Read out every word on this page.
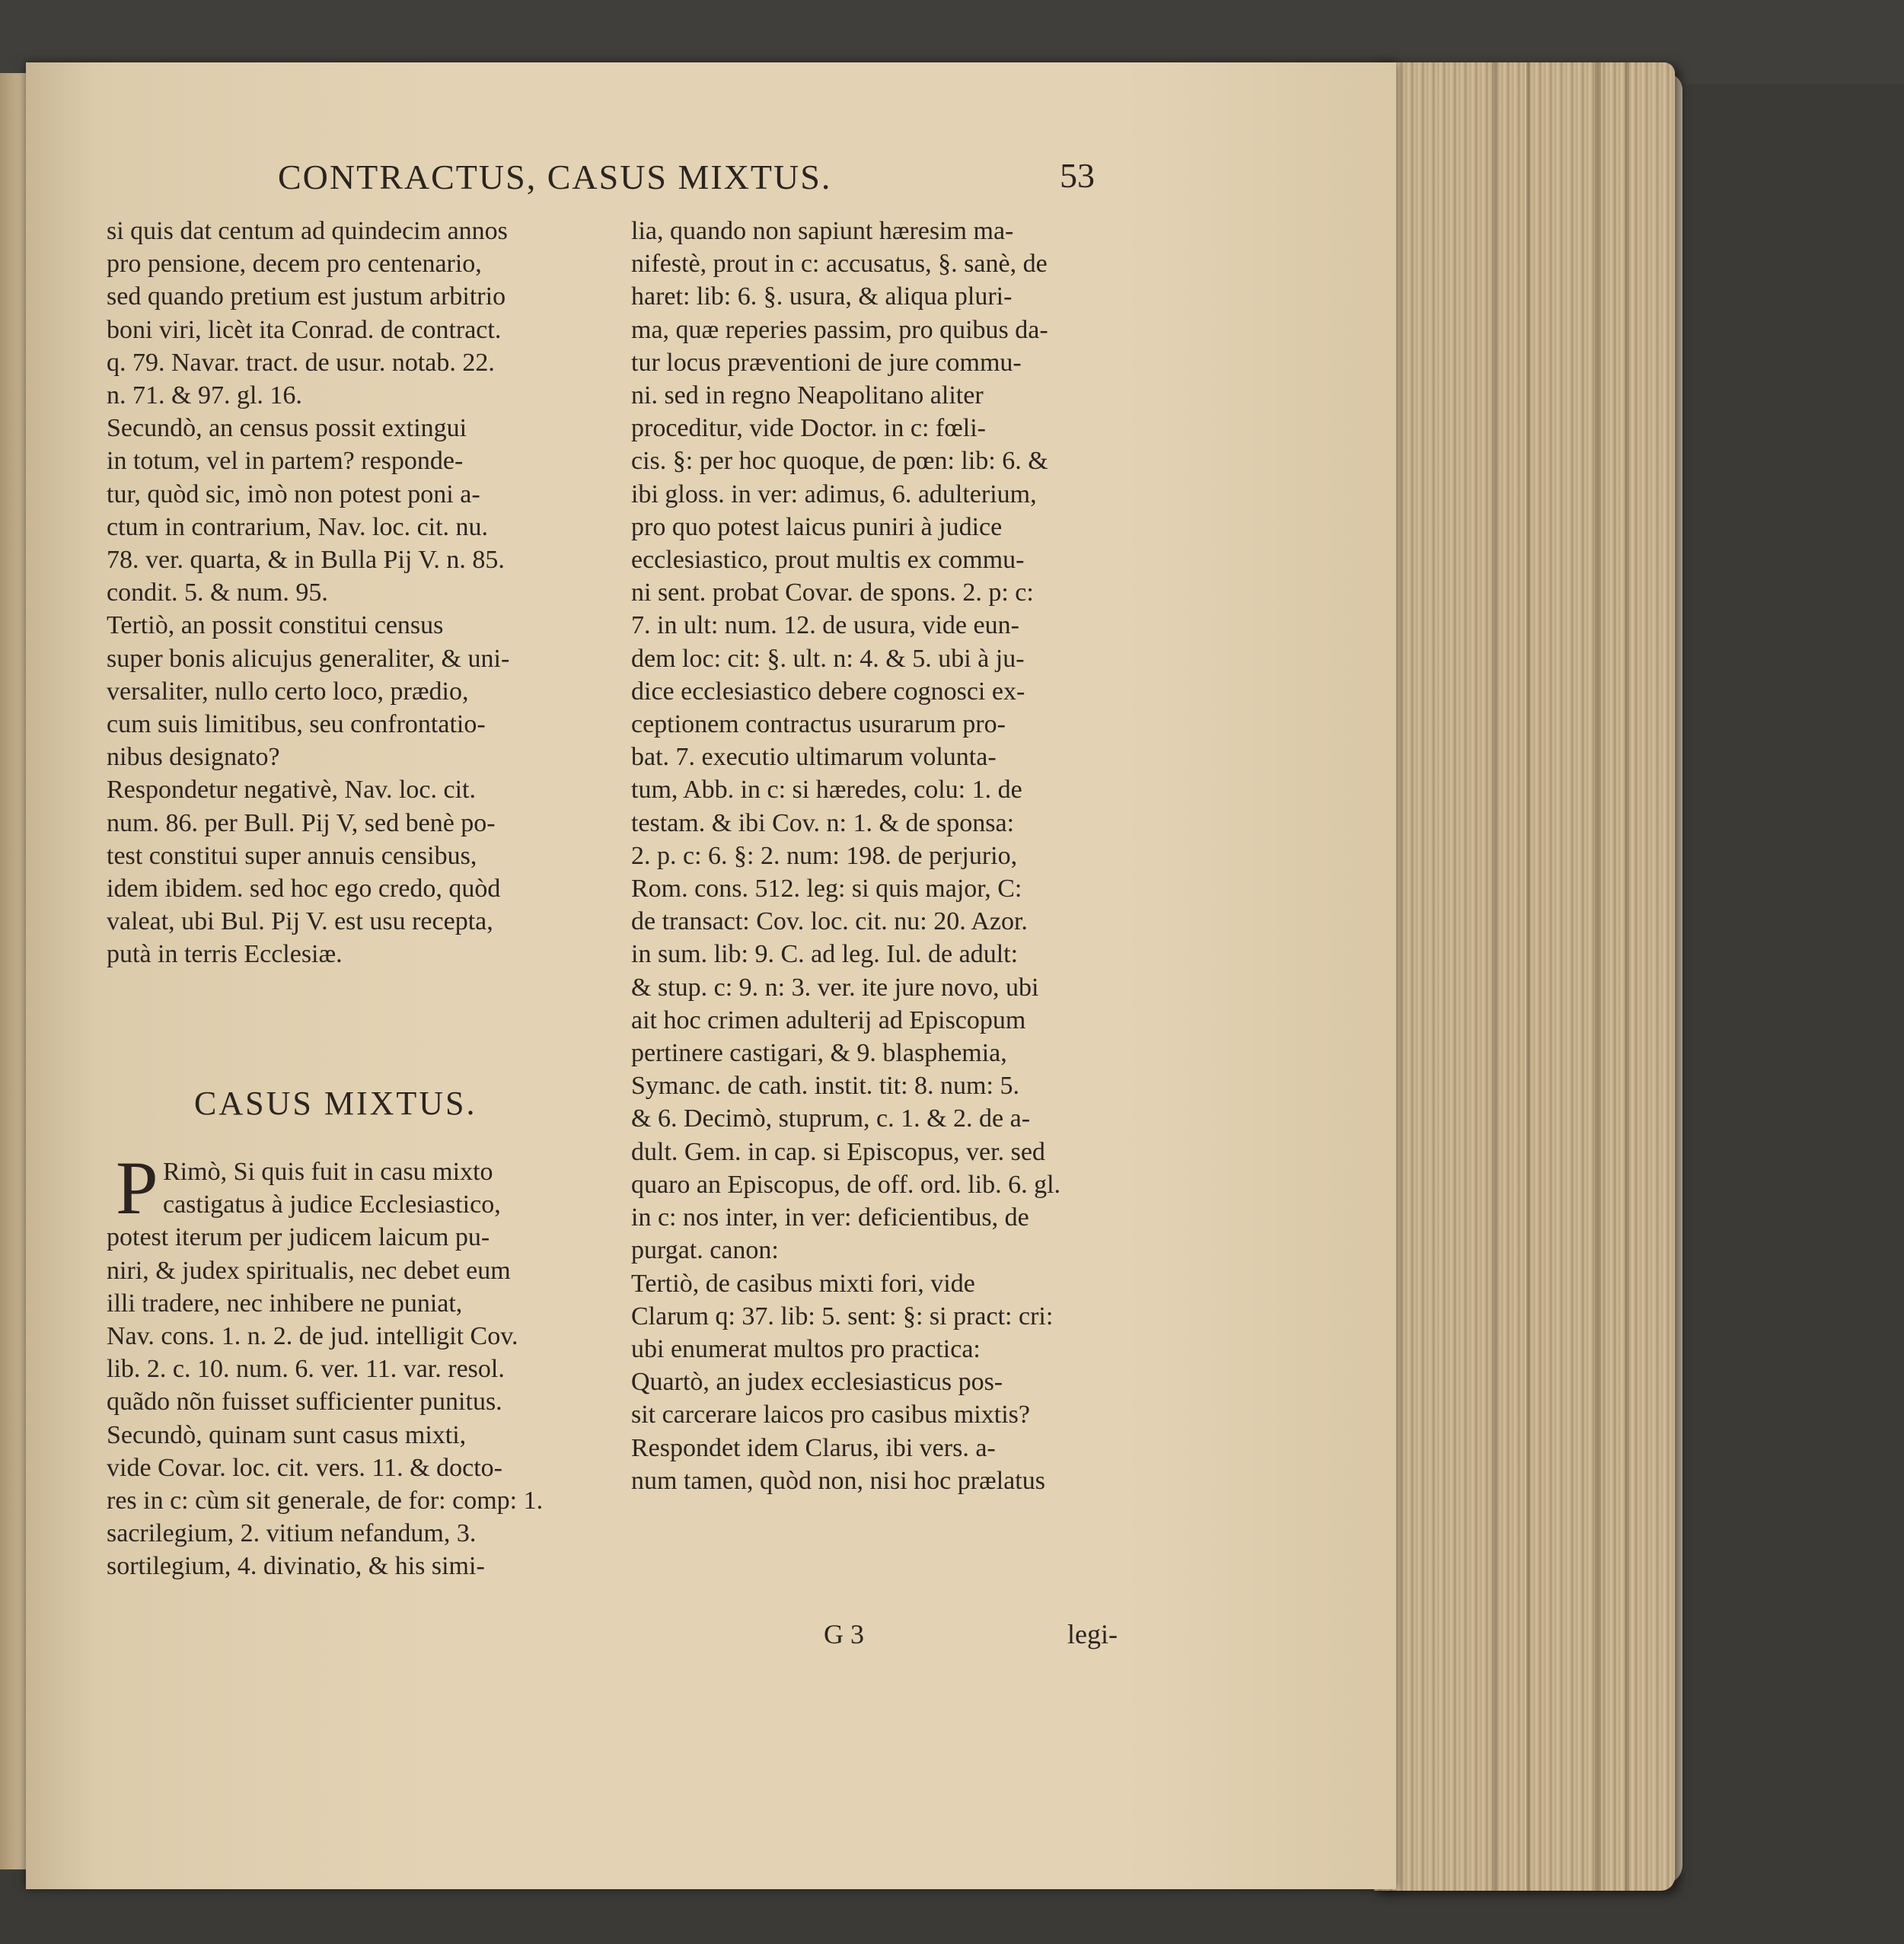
CONTRACTUS, CASUS MIXTUS.	53
si quis dat centum ad quindecim annos
pro pensione, decem pro centenario,
sed quando pretium est justum arbitrio
boni viri, licèt ita Conrad. de contract.
q. 79. Navar. tract. de usur. notab. 22.
n. 71. & 97. gl. 16.
Secundò, an census possit extingui
in totum, vel in partem? responde-
tur, quòd sic, imò non potest poni a-
ctum in contrarium, Nav. loc. cit. nu.
78. ver. quarta, & in Bulla Pij V. n. 85.
condit. 5. & num. 95.
Tertiò, an possit constitui census
super bonis alicujus generaliter, & uni-
versaliter, nullo certo loco, prædio,
cum suis limitibus, seu confrontatio-
nibus designato?
Respondetur negativè, Nav. loc. cit.
num. 86. per Bull. Pij V, sed benè po-
test constitui super annuis censibus,
idem ibidem. sed hoc ego credo, quòd
valeat, ubi Bul. Pij V. est usu recepta,
putà in terris Ecclesiæ.
CASUS MIXTUS.
P Rimò, Si quis fuit in casu mixto
castigatus à judice Ecclesiastico,
potest iterum per judicem laicum pu-
niri, & judex spiritualis, nec debet eum
illi tradere, nec inhibere ne puniat,
Nav. cons. 1. n. 2. de jud. intelligit Cov.
lib. 2. c. 10. num. 6. ver. 11. var. resol.
quãdo nõn fuisset sufficienter punitus.
Secundò, quinam sunt casus mixti,
vide Covar. loc. cit. vers. 11. & docto-
res in c: cùm sit generale, de for: comp: 1.
sacrilegium, 2. vitium nefandum, 3.
sortilegium, 4. divinatio, & his simi-
lia, quando non sapiunt hæresim ma-
nifestè, prout in c: accusatus, §. sanè, de
haret: lib: 6. §. usura, & aliqua pluri-
ma, quæ reperies passim, pro quibus da-
tur locus præventioni de jure commu-
ni. sed in regno Neapolitano aliter
proceditur, vide Doctor. in c: fœli-
cis. §: per hoc quoque, de pœn: lib: 6. &
ibi gloss. in ver: adimus, 6. adulterium,
pro quo potest laicus puniri à judice
ecclesiastico, prout multis ex commu-
ni sent. probat Covar. de spons. 2. p: c:
7. in ult: num. 12. de usura, vide eun-
dem loc: cit: §. ult. n: 4. & 5. ubi à ju-
dice ecclesiastico debere cognosci ex-
ceptionem contractus usurarum pro-
bat. 7. executio ultimarum volunta-
tum, Abb. in c: si hæredes, colu: 1. de
testam. & ibi Cov. n: 1. & de sponsa:
2. p. c: 6. §: 2. num: 198. de perjurio,
Rom. cons. 512. leg: si quis major, C:
de transact: Cov. loc. cit. nu: 20. Azor.
in sum. lib: 9. C. ad leg. Iul. de adult:
& stup. c: 9. n: 3. ver. ite jure novo, ubi
ait hoc crimen adulterij ad Episcopum
pertinere castigari, & 9. blasphemia,
Symanc. de cath. instit. tit: 8. num: 5.
& 6. Decimò, stuprum, c. 1. & 2. de a-
dult. Gem. in cap. si Episcopus, ver. sed
quaro an Episcopus, de off. ord. lib. 6. gl.
in c: nos inter, in ver: deficientibus, de
purgat. canon:
Tertiò, de casibus mixti fori, vide
Clarum q: 37. lib: 5. sent: §: si pract: cri:
ubi enumerat multos pro practica:
Quartò, an judex ecclesiasticus pos-
sit carcerare laicos pro casibus mixtis?
Respondet idem Clarus, ibi vers. a-
num tamen, quòd non, nisi hoc prælatus
G 3	legi-
